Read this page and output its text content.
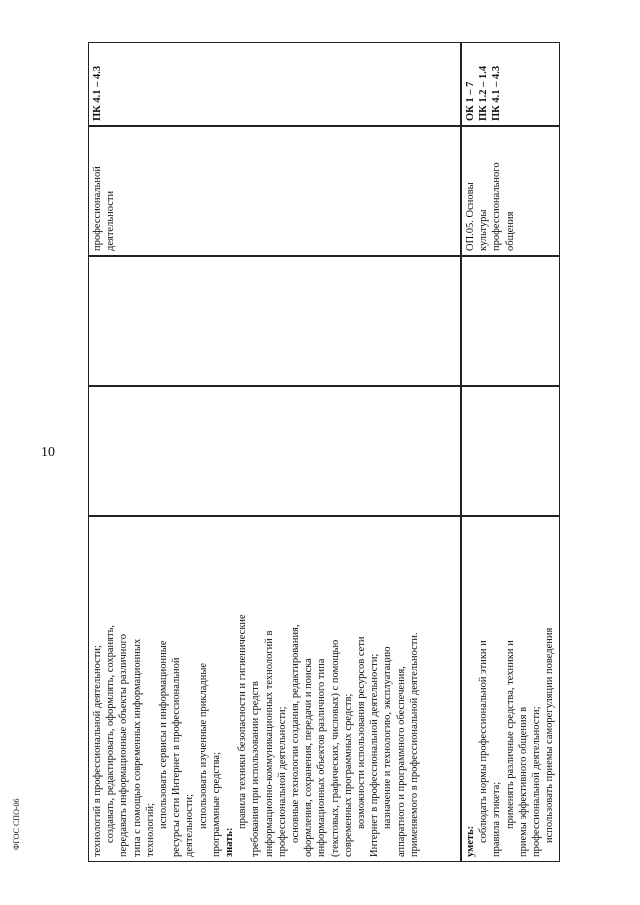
10
ФГОС СПО-06	технологий в профессиональной деятельности; создавать, редактировать, оформлять, сохранять, передавать информационные объекты различного типа с помощью современных информационных технологий;
использовать сервисы и информационные ресурсы сети Интернет в профессиональной деятельности; использовать изученные прикладные программные средства; знать:
правила техники безопасности и гигиенические требования при использовании средств информационно-коммуникационных технологий в профессиональной деятельности; основные технологии создания, редактирования, оформления, сохранения, передачи и поиска информационных объектов различного типа (текстовых, графических, числовых) с помощью современных программных средств; возможности использования ресурсов сети Интернет в профессиональной деятельности; назначение и технологию, эксплуатацию аппаратного и программного обеспечения, применяемого в профессиональной деятельности.
профессиональной деятельности
ПК 4.1 – 4.3
уметь: соблюдать нормы профессиональной этики и правила этикета; применять различные средства, техники и приемы эффективного общения в профессиональной деятельности; использовать приемы саморегуляции поведения
ОП.05. Основы культуры профессионального общения
ОК 1 – 7 ПК 1.2 – 1.4 ПК 4.1 – 4.3
